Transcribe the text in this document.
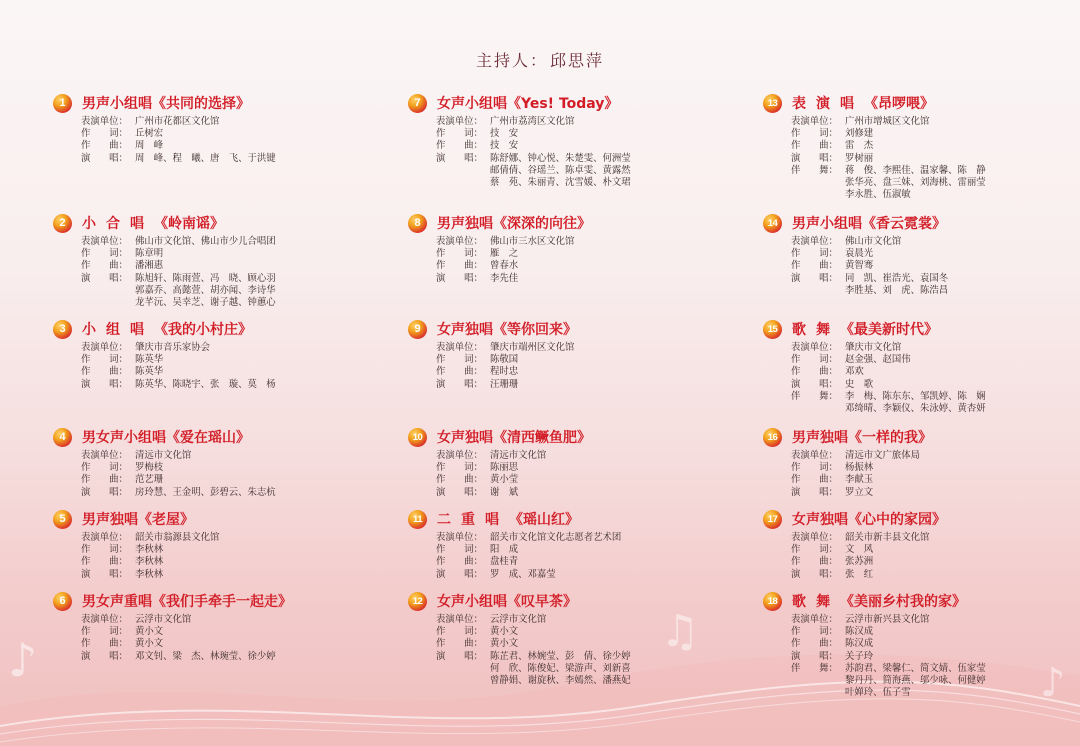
♪
♫
♪
主持人： 邱思萍
1	男声小组唱《共同的选择》
表演单位： 广州市花都区文化馆
作　　词： 丘树宏
作　　曲： 周　峰
演　　唱： 周　峰、程　曦、唐　飞、于洪键
2	小合唱《岭南谣》
表演单位： 佛山市文化馆、佛山市少儿合唱团
作　　词： 陈章明
作　　曲： 潘湘惠
演　　唱： 陈旭轩、陈雨萱、冯　晓、顾心羽
郭嘉乔、高懿萱、胡亦闻、李诗华
龙芊沅、吴幸芝、谢子越、钟蕙心
3	小组唱《我的小村庄》
表演单位： 肇庆市音乐家协会
作　　词： 陈英华
作　　曲： 陈英华
演　　唱： 陈英华、陈晓宇、张　璇、莫　杨
4	男女声小组唱《爱在瑶山》
表演单位： 清远市文化馆
作　　词： 罗梅枝
作　　曲： 范艺珊
演　　唱： 房玲慧、王金明、彭碧云、朱志杭
5	男声独唱《老屋》
表演单位： 韶关市翁源县文化馆
作　　词： 李秋林
作　　曲： 李秋林
演　　唱： 李秋林
6	男女声重唱《我们手牵手一起走》
表演单位： 云浮市文化馆
作　　词： 黄小文
作　　曲： 黄小文
演　　唱： 邓文钊、梁　杰、林琬莹、徐少婷
7	女声小组唱《Yes! Today》
表演单位： 广州市荔湾区文化馆
作　　词： 技　安
作　　曲： 技　安
演　　唱： 陈舒娜、钟心悦、朱楚雯、何洲莹
邮倩倩、谷瑶兰、陈卓雯、黄露然
蔡　苑、朱丽青、沈雪媛、朴文珺
8	男声独唱《深深的向往》
表演单位： 佛山市三水区文化馆
作　　词： 雁　之
作　　曲： 曾春水
演　　唱： 李先佳
9	女声独唱《等你回来》
表演单位： 肇庆市端州区文化馆
作　　词： 陈敬国
作　　曲： 程时忠
演　　唱： 汪珊珊
10	女声独唱《清西鳜鱼肥》
表演单位： 清远市文化馆
作　　词： 陈丽思
作　　曲： 黄小莹
演　　唱： 谢　斌
11	二重唱《瑶山红》
表演单位： 韶关市文化馆文化志愿者艺术团
作　　词： 阳　成
作　　曲： 盘桂青
演　　唱： 罗　成、邓嘉莹
12	女声小组唱《叹早茶》
表演单位： 云浮市文化馆
作　　词： 黄小文
作　　曲： 黄小文
演　　唱： 陈芷君、林婉莹、彭　倩、徐少婷
何　欣、陈俊妃、梁游声、刘新喜
曾静娟、谢旋秋、李嫣然、潘燕妃
13	表演唱《昂啰喂》
表演单位： 广州市增城区文化馆
作　　词： 刘修建
作　　曲： 雷　杰
演　　唱： 罗树丽
伴　　舞： 蒋　俊、李熙佳、温家馨、陈　静
张华亮、盘三妹、刘海桃、雷丽莹
李永胜、伍淑敏
14	男声小组唱《香云霓裳》
表演单位： 佛山市文化馆
作　　词： 袁晨光
作　　曲： 黄智骞
演　　唱： 同　凯、崔浩光、袁国冬
李胜基、刘　虎、陈浩昌
15	歌舞《最美新时代》
表演单位： 肇庆市文化馆
作　　词： 赵金强、赵国伟
作　　曲： 邓欢
演　　唱： 史　歌
伴　　舞： 李　梅、陈东东、邹凯婷、陈　娴
邓绮晴、李颖仪、朱泳婷、黄杏妍
16	男声独唱《一样的我》
表演单位： 清远市文广旅体局
作　　词： 杨振林
作　　曲： 李献玉
演　　唱： 罗立文
17	女声独唱《心中的家园》
表演单位： 韶关市新丰县文化馆
作　　词： 文　风
作　　曲： 张苏洲
演　　唱： 张　红
18	歌舞《美丽乡村我的家》
表演单位： 云浮市新兴县文化馆
作　　词： 陈汉成
作　　曲： 陈汉成
演　　唱： 关子玲
伴　　舞： 苏韵君、梁馨仁、简文婧、伍家莹
黎丹丹、简海燕、邬少咏、何健婷
叶婵玲、伍子雪
